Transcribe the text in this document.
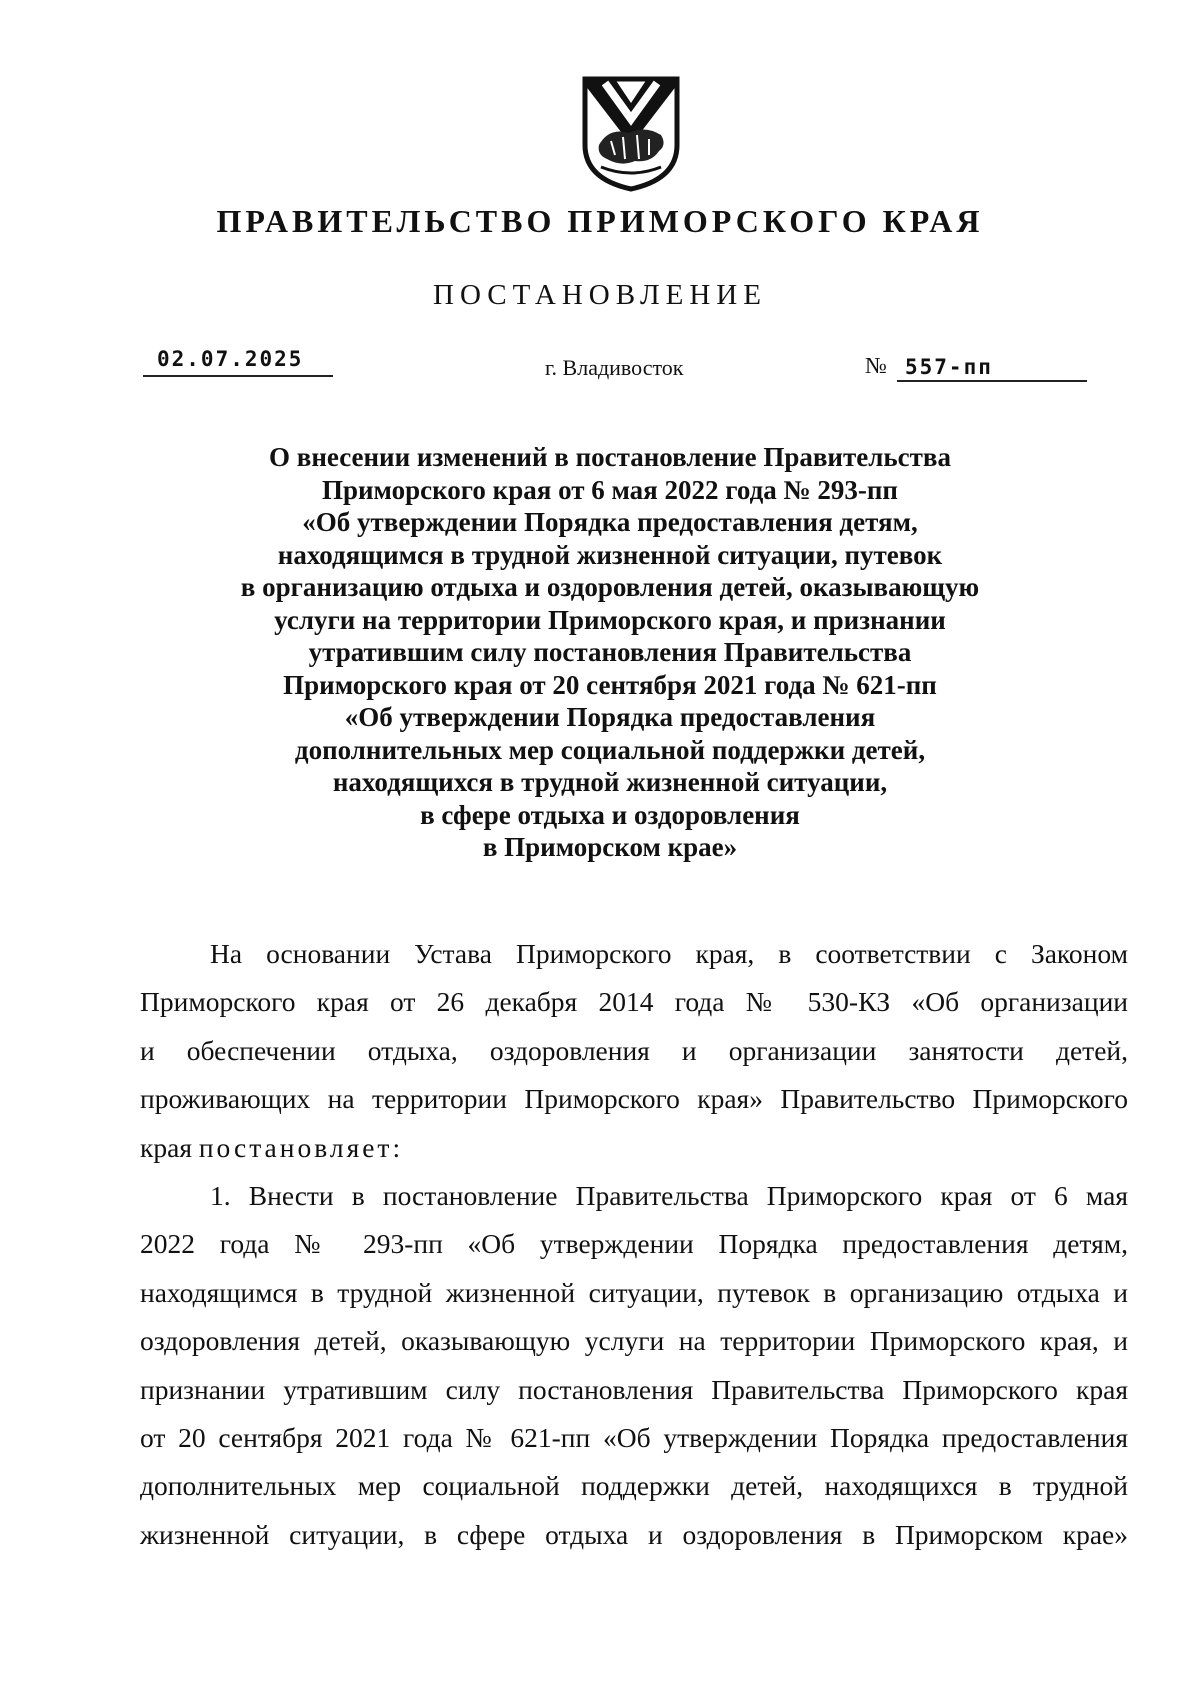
ПРАВИТЕЛЬСТВО ПРИМОРСКОГО КРАЯ
ПОСТАНОВЛЕНИЕ
02.07.2025	г. Владивосток	№ 557-пп
О внесении изменений в постановление Правительства
Приморского края от 6 мая 2022 года № 293-пп
«Об утверждении Порядка предоставления детям,
находящимся в трудной жизненной ситуации, путевок
в организацию отдыха и оздоровления детей, оказывающую
услуги на территории Приморского края, и признании
утратившим силу постановления Правительства
Приморского края от 20 сентября 2021 года № 621-пп
«Об утверждении Порядка предоставления
дополнительных мер социальной поддержки детей,
находящихся в трудной жизненной ситуации,
в сфере отдыха и оздоровления
в Приморском крае»
На основании Устава Приморского края, в соответствии с Законом
Приморского края от 26 декабря 2014 года № 530-КЗ «Об организации
и обеспечении отдыха, оздоровления и организации занятости детей,
проживающих на территории Приморского края» Правительство Приморского
края постановляет:
1. Внести в постановление Правительства Приморского края от 6 мая
2022 года № 293-пп «Об утверждении Порядка предоставления детям,
находящимся в трудной жизненной ситуации, путевок в организацию отдыха и
оздоровления детей, оказывающую услуги на территории Приморского края, и
признании утратившим силу постановления Правительства Приморского края
от 20 сентября 2021 года № 621-пп «Об утверждении Порядка предоставления
дополнительных мер социальной поддержки детей, находящихся в трудной
жизненной ситуации, в сфере отдыха и оздоровления в Приморском крае»
